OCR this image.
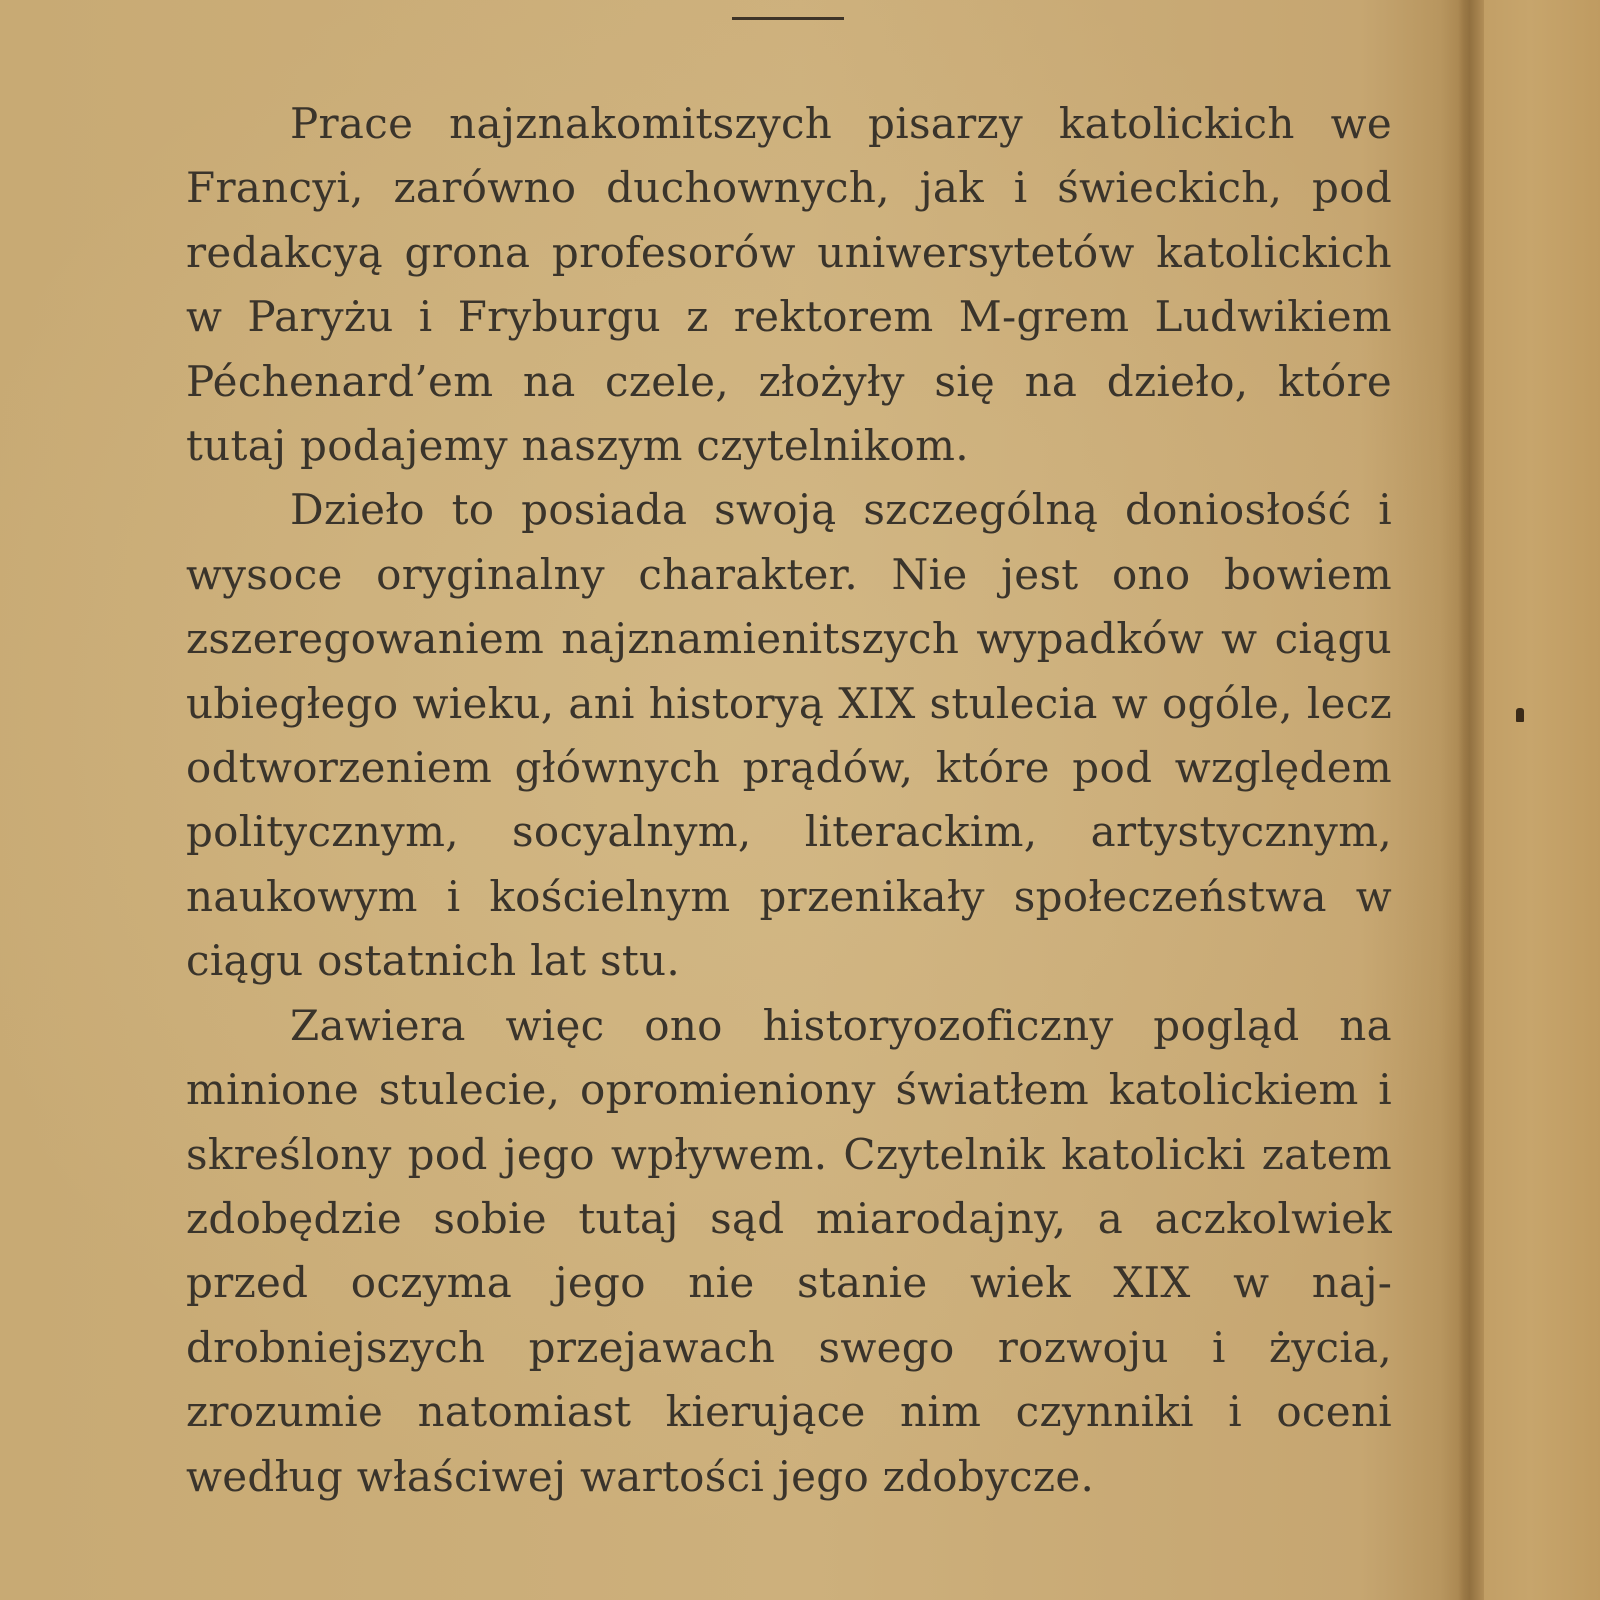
Prace najznakomitszych pisarzy katolickich we Francyi, zarówno duchownych, jak i świeckich, pod redakcyą grona profesorów uniwersytetów katolickich w Paryżu i Fryburgu z rektorem M-grem Ludwikiem Péchenard’em na czele, złożyły się na dzieło, które tutaj podajemy naszym czytelnikom.

Dzieło to posiada swoją szczególną doniosłość i wysoce oryginalny charakter. Nie jest ono bowiem zszeregowaniem najznamienitszych wypadków w ciągu ubiegłego wieku, ani historyą XIX stulecia w ogóle, lecz odtworzeniem głównych prądów, które pod względem politycznym, socyalnym, literackim, artystycznym, naukowym i kościelnym przenikały społeczeństwa w ciągu ostatnich lat stu.

Zawiera więc ono historyozoficzny pogląd na minione stulecie, opromieniony światłem katolickiem i skreślony pod jego wpływem. Czytelnik katolicki zatem zdobędzie sobie tutaj sąd miarodajny, a aczkolwiek przed oczyma jego nie stanie wiek XIX w najdrobniejszych przejawach swego rozwoju i życia, zrozumie natomiast kierujące nim czynniki i oceni według właściwej wartości jego zdobycze.
